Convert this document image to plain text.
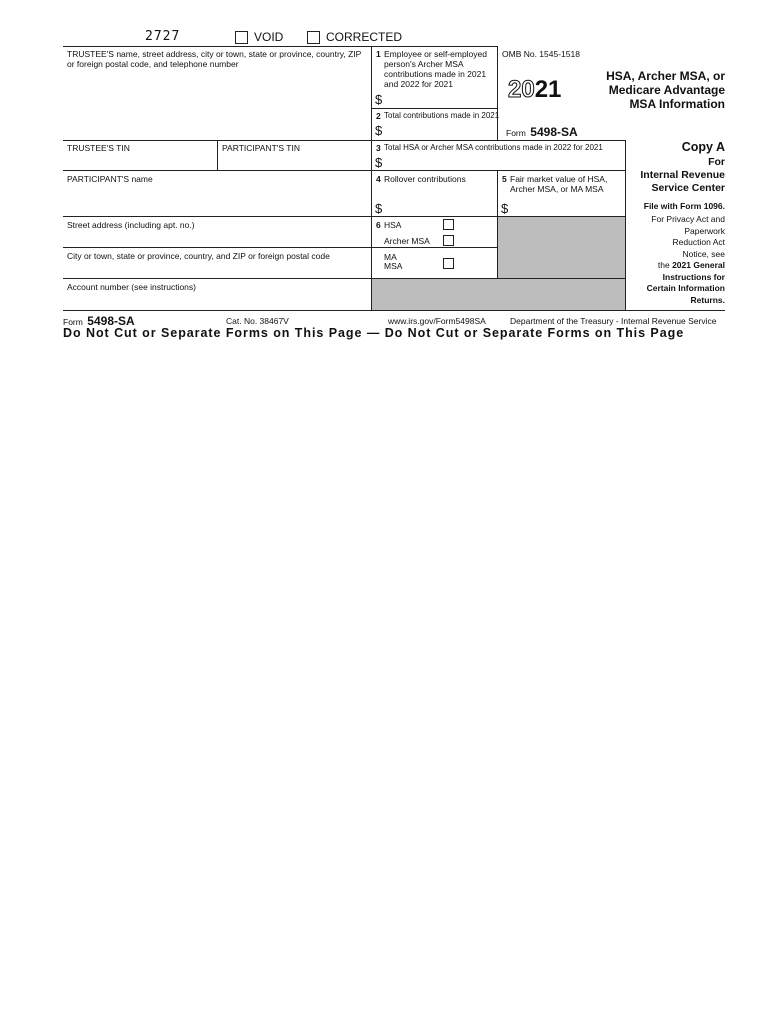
2727	VOID	CORRECTED
TRUSTEE'S name, street address, city or town, state or province, country, ZIP or foreign postal code, and telephone number
TRUSTEE'S TIN	PARTICIPANT'S TIN
PARTICIPANT'S name
Street address (including apt. no.)
City or town, state or province, country, and ZIP or foreign postal code
Account number (see instructions)
1 Employee or self-employed person's Archer MSA contributions made in 2021 and 2022 for 2021
$
2 Total contributions made in 2021
$
3 Total HSA or Archer MSA contributions made in 2022 for 2021
$
4 Rollover contributions
$
5 Fair market value of HSA, Archer MSA, or MA MSA
$
6 HSA
Archer MSA
MA
MSA
OMB No. 1545-1518
2021
Form 5498-SA
HSA, Archer MSA, or
Medicare Advantage
MSA Information
Copy A
For
Internal Revenue
Service Center
File with Form 1096.
For Privacy Act and
Paperwork
Reduction Act
Notice, see
the 2021 General
Instructions for
Certain Information
Returns.
Form 5498-SA	Cat. No. 38467V	www.irs.gov/Form5498SA	Department of the Treasury - Internal Revenue Service
Do Not Cut or Separate Forms on This Page — Do Not Cut or Separate Forms on This Page
